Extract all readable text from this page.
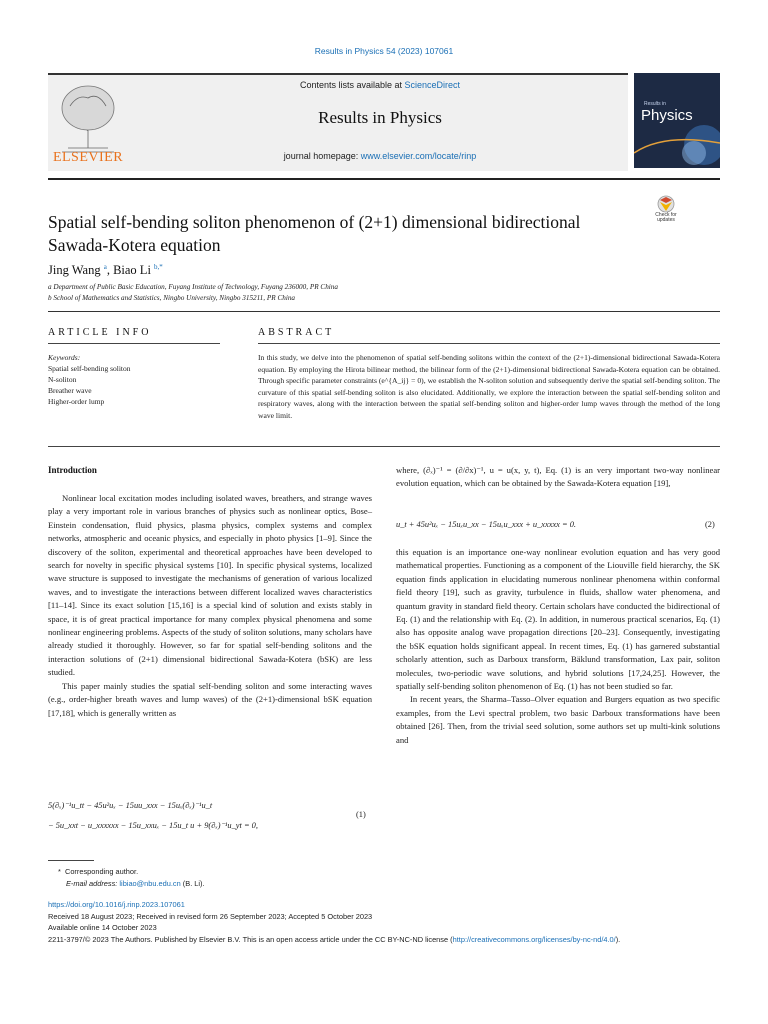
Results in Physics 54 (2023) 107061
ELSEVIER
Contents lists available at ScienceDirect
Results in Physics
journal homepage: www.elsevier.com/locate/rinp
Results in
Physics
Spatial self-bending soliton phenomenon of (2+1) dimensional bidirectional Sawada-Kotera equation
Check for updates
Jing Wang $^a$, Biao Li $^{b,*}$
a Department of Public Basic Education, Fuyang Institute of Technology, Fuyang 236000, PR China
b School of Mathematics and Statistics, Ningbo University, Ningbo 315211, PR China
ARTICLE INFO
Keywords:
Spatial self-bending soliton
N-soliton
Breather wave
Higher-order lump
ABSTRACT
In this study, we delve into the phenomenon of spatial self-bending solitons within the context of the (2+1)-dimensional bidirectional Sawada-Kotera equation. By employing the Hirota bilinear method, the bilinear form of the (2+1)-dimensional bidirectional Sawada-Kotera equation can be obtained. Through specific parameter constraints (e^{A_ij} = 0), we establish the N-soliton solution and subsequently derive the spatial self-bending soliton. The curvature of this spatial self-bending soliton is also elucidated. Additionally, we explore the interaction between the spatial self-bending soliton and respiratory waves, along with the interaction between the spatial self-bending soliton and higher-order lump waves through the method of the long wave limit.
Introduction

Nonlinear local excitation modes including isolated waves, breathers, and strange waves play a very important role in various branches of physics such as nonlinear optics, Bose–Einstein condensation, fluid physics, plasma physics, complex systems and complex networks, atmospheric and oceanic physics, and especially in photo physics [1–9]. Since the discovery of the soliton, experimental and theoretical approaches have been developed to search for novelty in specific physical systems [10]. In specific physical systems, localized wave structure is supposed to investigate the mechanisms of generation of various localized waves, and to investigate the interactions between different localized waves characteristics [11–14]. Since its exact solution [15,16] is a special kind of solution and exists stably in space, it is of great practical importance for many complex physical phenomena and some nonlinear engineering problems. Aspects of the study of soliton solutions, many scholars have already studied it thoroughly. However, so far for spatial self-bending solitons and the interaction solutions of (2+1) dimensional bidirectional Sawada-Kotera (bSK) are less studied.

This paper mainly studies the spatial self-bending soliton and some interacting waves (e.g., order-higher breath waves and lump waves) of the (2+1)-dimensional bSK equation [17,18], which is generally written as

5(∂ₓ)⁻¹u_tt − 45u²uₓ − 15uu_xxx − 15uₓ(∂ₓ)⁻¹u_t
− 5u_xxt − u_xxxxxx − 15u_xxuₓ − 15u_t u + 9(∂ₓ)⁻¹u_yt = 0,
(1)

where, (∂ₓ)⁻¹ = (∂/∂x)⁻¹, u = u(x, y, t), Eq. (1) is an very important two-way nonlinear evolution equation, which can be obtained by the Sawada-Kotera equation [19],

u_t + 45u²uₓ − 15uₓu_xx − 15uₓu_xxx + u_xxxxx = 0.	(2)

this equation is an importance one-way nonlinear evolution equation and has very good mathematical properties. Functioning as a component of the Liouville field hierarchy, the SK equation finds application in elucidating numerous nonlinear phenomena within conformal field theory [19], such as gravity, turbulence in fluids, shallow water phenomena, and quantum gravity in standard field theory. Certain scholars have conducted the bidirectional of Eq. (1) and the relationship with Eq. (2). In addition, in numerous practical scenarios, Eq. (1) also has opposite analog wave propagation directions [20–23]. Consequently, investigating the bSK equation holds significant appeal. In recent times, Eq. (1) has garnered substantial scholarly attention, such as Darboux transform, Bäklund transformation, Lax pair, soliton molecules, two-periodic wave solutions, and hybrid solutions [17,24,25]. However, the spatially self-bending soliton phenomenon of Eq. (1) has not been studied so far.

In recent years, the Sharma–Tasso–Olver equation and Burgers equation as two specific examples, from the Levi spectral problem, two basic Darboux transformations have been obtained [26]. Then, from the trivial seed solution, some authors set up multi-kink solutions and

*  Corresponding author.
E-mail address: libiao@nbu.edu.cn (B. Li).
https://doi.org/10.1016/j.rinp.2023.107061
Received 18 August 2023; Received in revised form 26 September 2023; Accepted 5 October 2023
Available online 14 October 2023
2211-3797/© 2023 The Authors. Published by Elsevier B.V. This is an open access article under the CC BY-NC-ND license (http://creativecommons.org/licenses/by-nc-nd/4.0/).
